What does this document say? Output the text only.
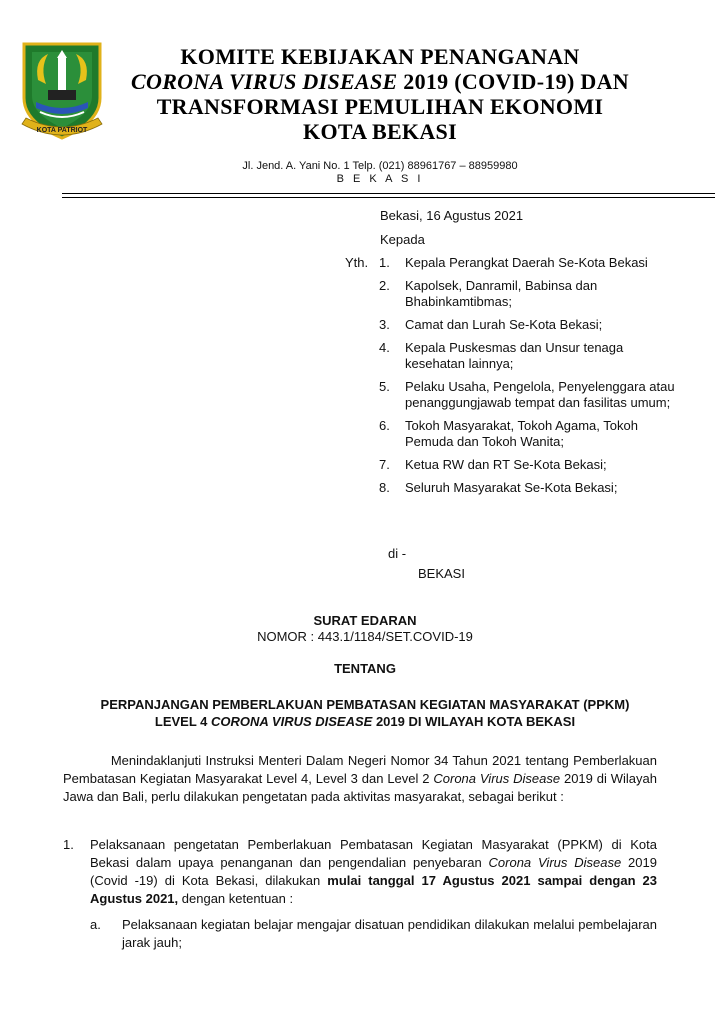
KOTA PATRIOT
KOMITE KEBIJAKAN PENANGANAN
CORONA VIRUS DISEASE 2019 (COVID-19) DAN
TRANSFORMASI PEMULIHAN EKONOMI
KOTA BEKASI
Jl. Jend. A. Yani No. 1 Telp. (021) 88961767 – 88959980
B E K A S I
Bekasi, 16 Agustus 2021
Kepada
Yth. 1.	Kepala Perangkat Daerah Se-Kota Bekasi
2.	Kapolsek, Danramil, Babinsa dan Bhabinkamtibmas;
3.	Camat dan Lurah Se-Kota Bekasi;
4.	Kepala Puskesmas dan Unsur tenaga kesehatan lainnya;
5.	Pelaku Usaha, Pengelola, Penyelenggara atau penanggungjawab tempat dan fasilitas umum;
6.	Tokoh Masyarakat, Tokoh Agama, Tokoh Pemuda dan Tokoh Wanita;
7.	Ketua RW dan RT Se-Kota Bekasi;
8.	Seluruh Masyarakat Se-Kota Bekasi;
di -
BEKASI
SURAT EDARAN
NOMOR : 443.1/1184/SET.COVID-19
TENTANG
PERPANJANGAN PEMBERLAKUAN PEMBATASAN KEGIATAN MASYARAKAT (PPKM)
LEVEL 4 CORONA VIRUS DISEASE 2019 DI WILAYAH KOTA BEKASI
Menindaklanjuti Instruksi Menteri Dalam Negeri Nomor 34 Tahun 2021 tentang Pemberlakuan Pembatasan Kegiatan Masyarakat Level 4, Level 3 dan Level 2 Corona Virus Disease 2019 di Wilayah Jawa dan Bali, perlu dilakukan pengetatan pada aktivitas masyarakat, sebagai berikut :
1. Pelaksanaan pengetatan Pemberlakuan Pembatasan Kegiatan Masyarakat (PPKM) di Kota Bekasi dalam upaya penanganan dan pengendalian penyebaran Corona Virus Disease 2019 (Covid -19) di Kota Bekasi, dilakukan mulai tanggal 17 Agustus 2021 sampai dengan 23 Agustus 2021, dengan ketentuan :
a. Pelaksanaan kegiatan belajar mengajar disatuan pendidikan dilakukan melalui pembelajaran jarak jauh;
